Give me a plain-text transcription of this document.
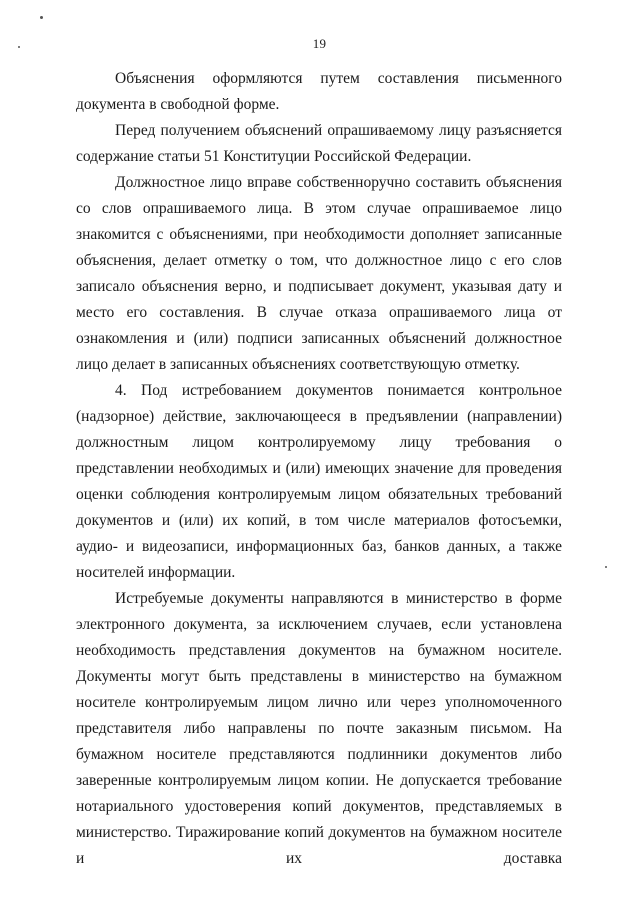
19

Объяснения оформляются путем составления письменного документа в свободной форме.

Перед получением объяснений опрашиваемому лицу разъясняется содержание статьи 51 Конституции Российской Федерации.

Должностное лицо вправе собственноручно составить объяснения со слов опрашиваемого лица. В этом случае опрашиваемое лицо знакомится с объяснениями, при необходимости дополняет записанные объяснения, делает отметку о том, что должностное лицо с его слов записало объяснения верно, и подписывает документ, указывая дату и место его составления. В случае отказа опрашиваемого лица от ознакомления и (или) подписи записанных объяснений должностное лицо делает в записанных объяснениях соответствующую отметку.

4. Под истребованием документов понимается контрольное (надзорное) действие, заключающееся в предъявлении (направлении) должностным лицом контролируемому лицу требования о представлении необходимых и (или) имеющих значение для проведения оценки соблюдения контролируемым лицом обязательных требований документов и (или) их копий, в том числе материалов фотосъемки, аудио- и видеозаписи, информационных баз, банков данных, а также носителей информации.

Истребуемые документы направляются в министерство в форме электронного документа, за исключением случаев, если установлена необходимость представления документов на бумажном носителе. Документы могут быть представлены в министерство на бумажном носителе контролируемым лицом лично или через уполномоченного представителя либо направлены по почте заказным письмом. На бумажном носителе представляются подлинники документов либо заверенные контролируемым лицом копии. Не допускается требование нотариального удостоверения копий документов, представляемых в министерство. Тиражирование копий документов на бумажном носителе и их доставка
